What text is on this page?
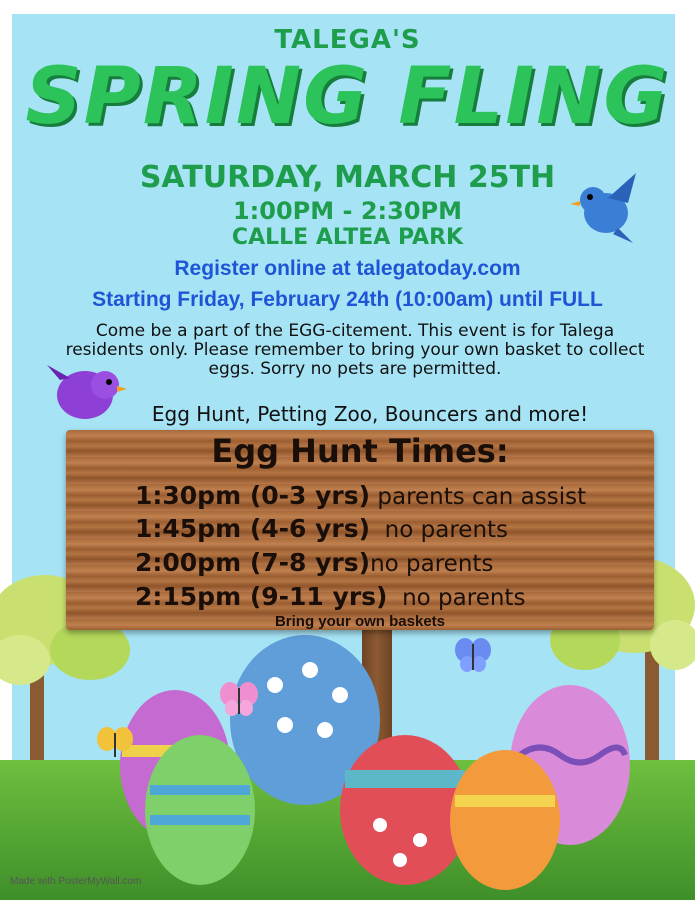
TALEGA'S
SPRING FLING
SATURDAY, MARCH 25TH
1:00PM - 2:30PM
CALLE ALTEA PARK
Register online at talegatoday.com
Starting Friday, February 24th (10:00am) until FULL
Come be a part of the EGG-citement. This event is for Talega residents only. Please remember to bring your own basket to collect eggs. Sorry no pets are permitted.
Egg Hunt, Petting Zoo, Bouncers and more!
Egg Hunt Times:
1:30pm (0-3 yrs) parents can assist
1:45pm (4-6 yrs)  no parents
2:00pm (7-8 yrs)no parents
2:15pm (9-11 yrs)  no parents
Bring your own baskets
Made with PosterMyWall.com
